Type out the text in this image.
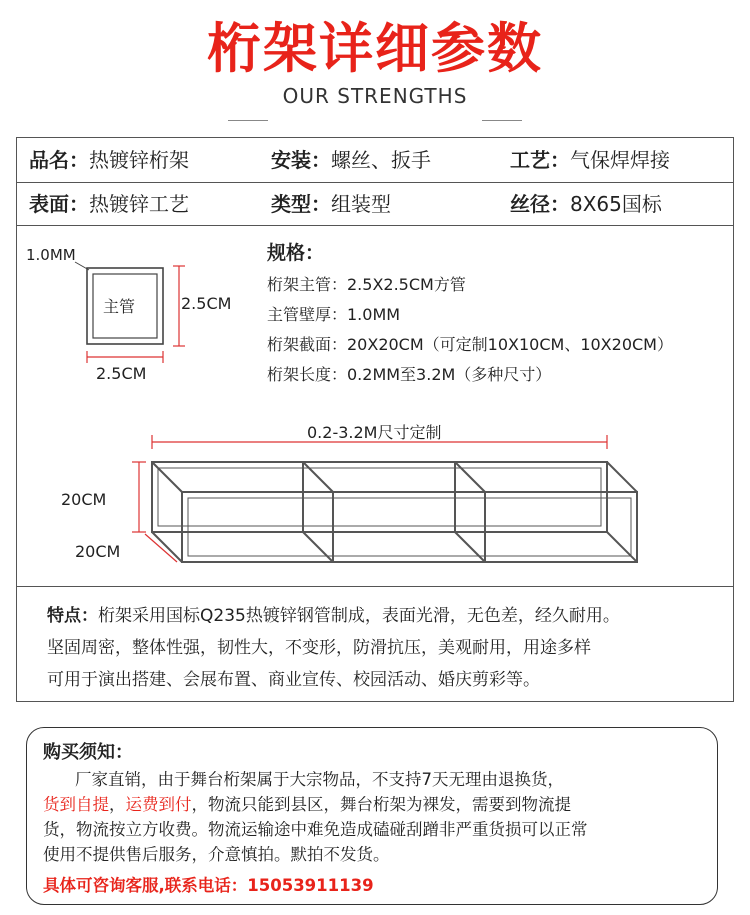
桁架详细参数
OUR STRENGTHS
品名：热镀锌桁架	安装：螺丝、扳手	工艺：气保焊焊接
表面：热镀锌工艺	类型：组装型	丝径：8X65国标
1.0MM
主管	2.5CM
2.5CM
规格：
桁架主管：2.5X2.5CM方管
主管壁厚：1.0MM
桁架截面：20X20CM（可定制10X10CM、10X20CM）
桁架长度：0.2MM至3.2M（多种尺寸）
0.2-3.2M尺寸定制
20CM
20CM
特点：桁架采用国标Q235热镀锌钢管制成，表面光滑，无色差，经久耐用。
坚固周密，整体性强，韧性大，不变形，防滑抗压，美观耐用，用途多样
可用于演出搭建、会展布置、商业宣传、校园活动、婚庆剪彩等。
购买须知：
厂家直销，由于舞台桁架属于大宗物品，不支持7天无理由退换货，
货到自提，运费到付，物流只能到县区，舞台桁架为裸发，需要到物流提
货，物流按立方收费。物流运输途中难免造成磕碰刮蹭非严重货损可以正常
使用不提供售后服务，介意慎拍。默拍不发货。
具体可咨询客服,联系电话：15053911139
